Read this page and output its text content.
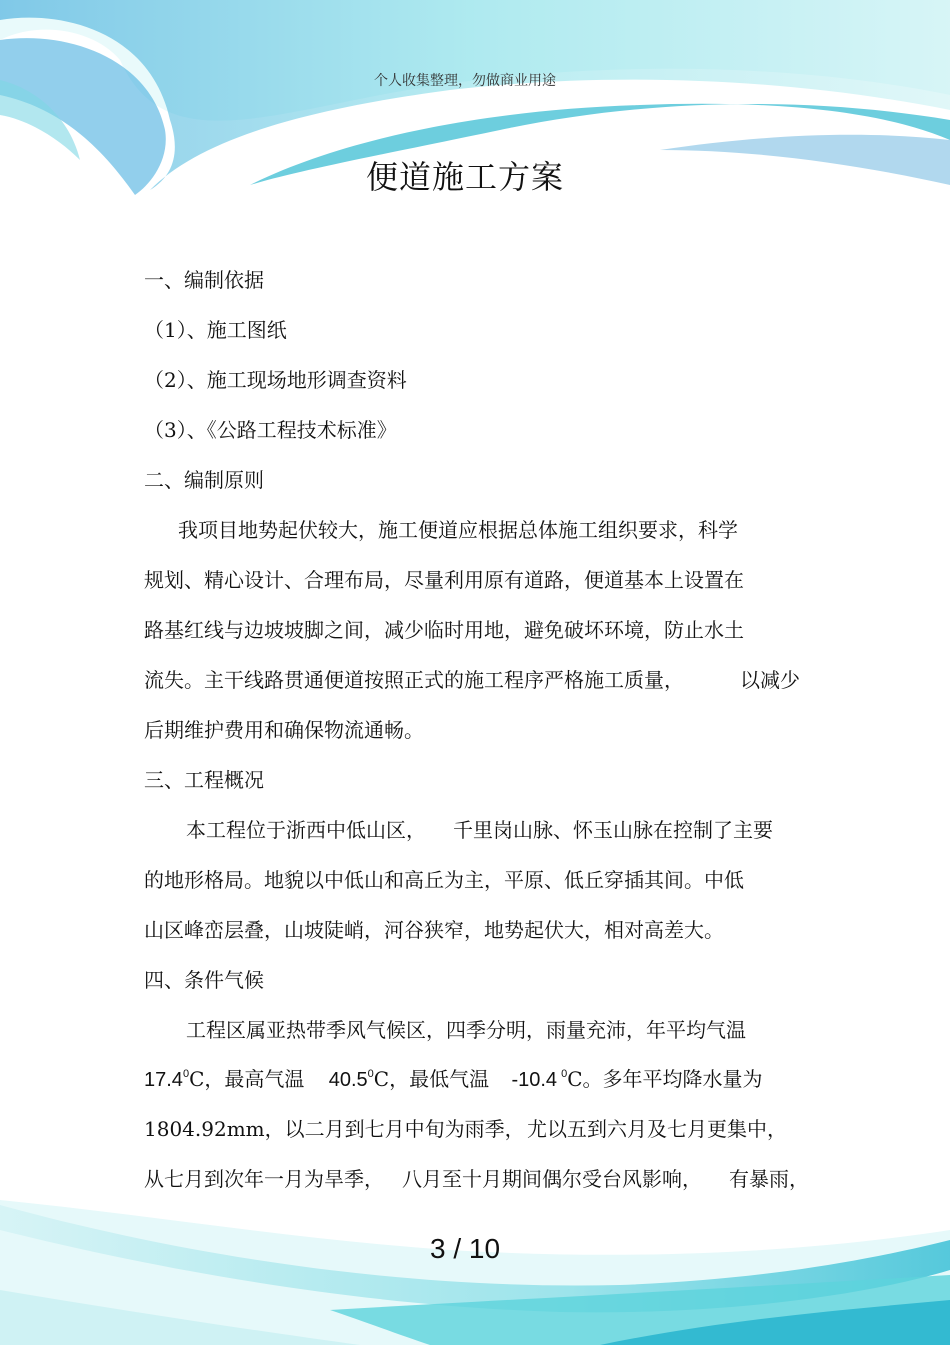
个人收集整理，勿做商业用途
便道施工方案
一、编制依据
（1）、施工图纸
（2）、施工现场地形调查资料
（3）、《公路工程技术标准》
二、编制原则
我项目地势起伏较大，施工便道应根据总体施工组织要求，科学
规划、精心设计、合理布局，尽量利用原有道路，便道基本上设置在
路基红线与边坡坡脚之间，减少临时用地，避免破坏环境，防止水土
流失。主干线路贯通便道按照正式的施工程序严格施工质量，	以减少
后期维护费用和确保物流通畅。
三、工程概况
本工程位于浙西中低山区， 千里岗山脉、怀玉山脉在控制了主要
的地形格局。地貌以中低山和高丘为主，平原、低丘穿插其间。中低
山区峰峦层叠，山坡陡峭，河谷狭窄，地势起伏大，相对高差大。
四、条件气候
工程区属亚热带季风气候区，四季分明，雨量充沛，年平均气温
17.4$^0$C，最高气温 40.5$^0$C，最低气温 -10.4 $^0$C。多年平均降水量为
1804.92mm，以二月到七月中旬为雨季， 尤以五到六月及七月更集中，
从七月到次年一月为旱季， 八月至十月期间偶尔受台风影响， 有暴雨，
3 / 10
